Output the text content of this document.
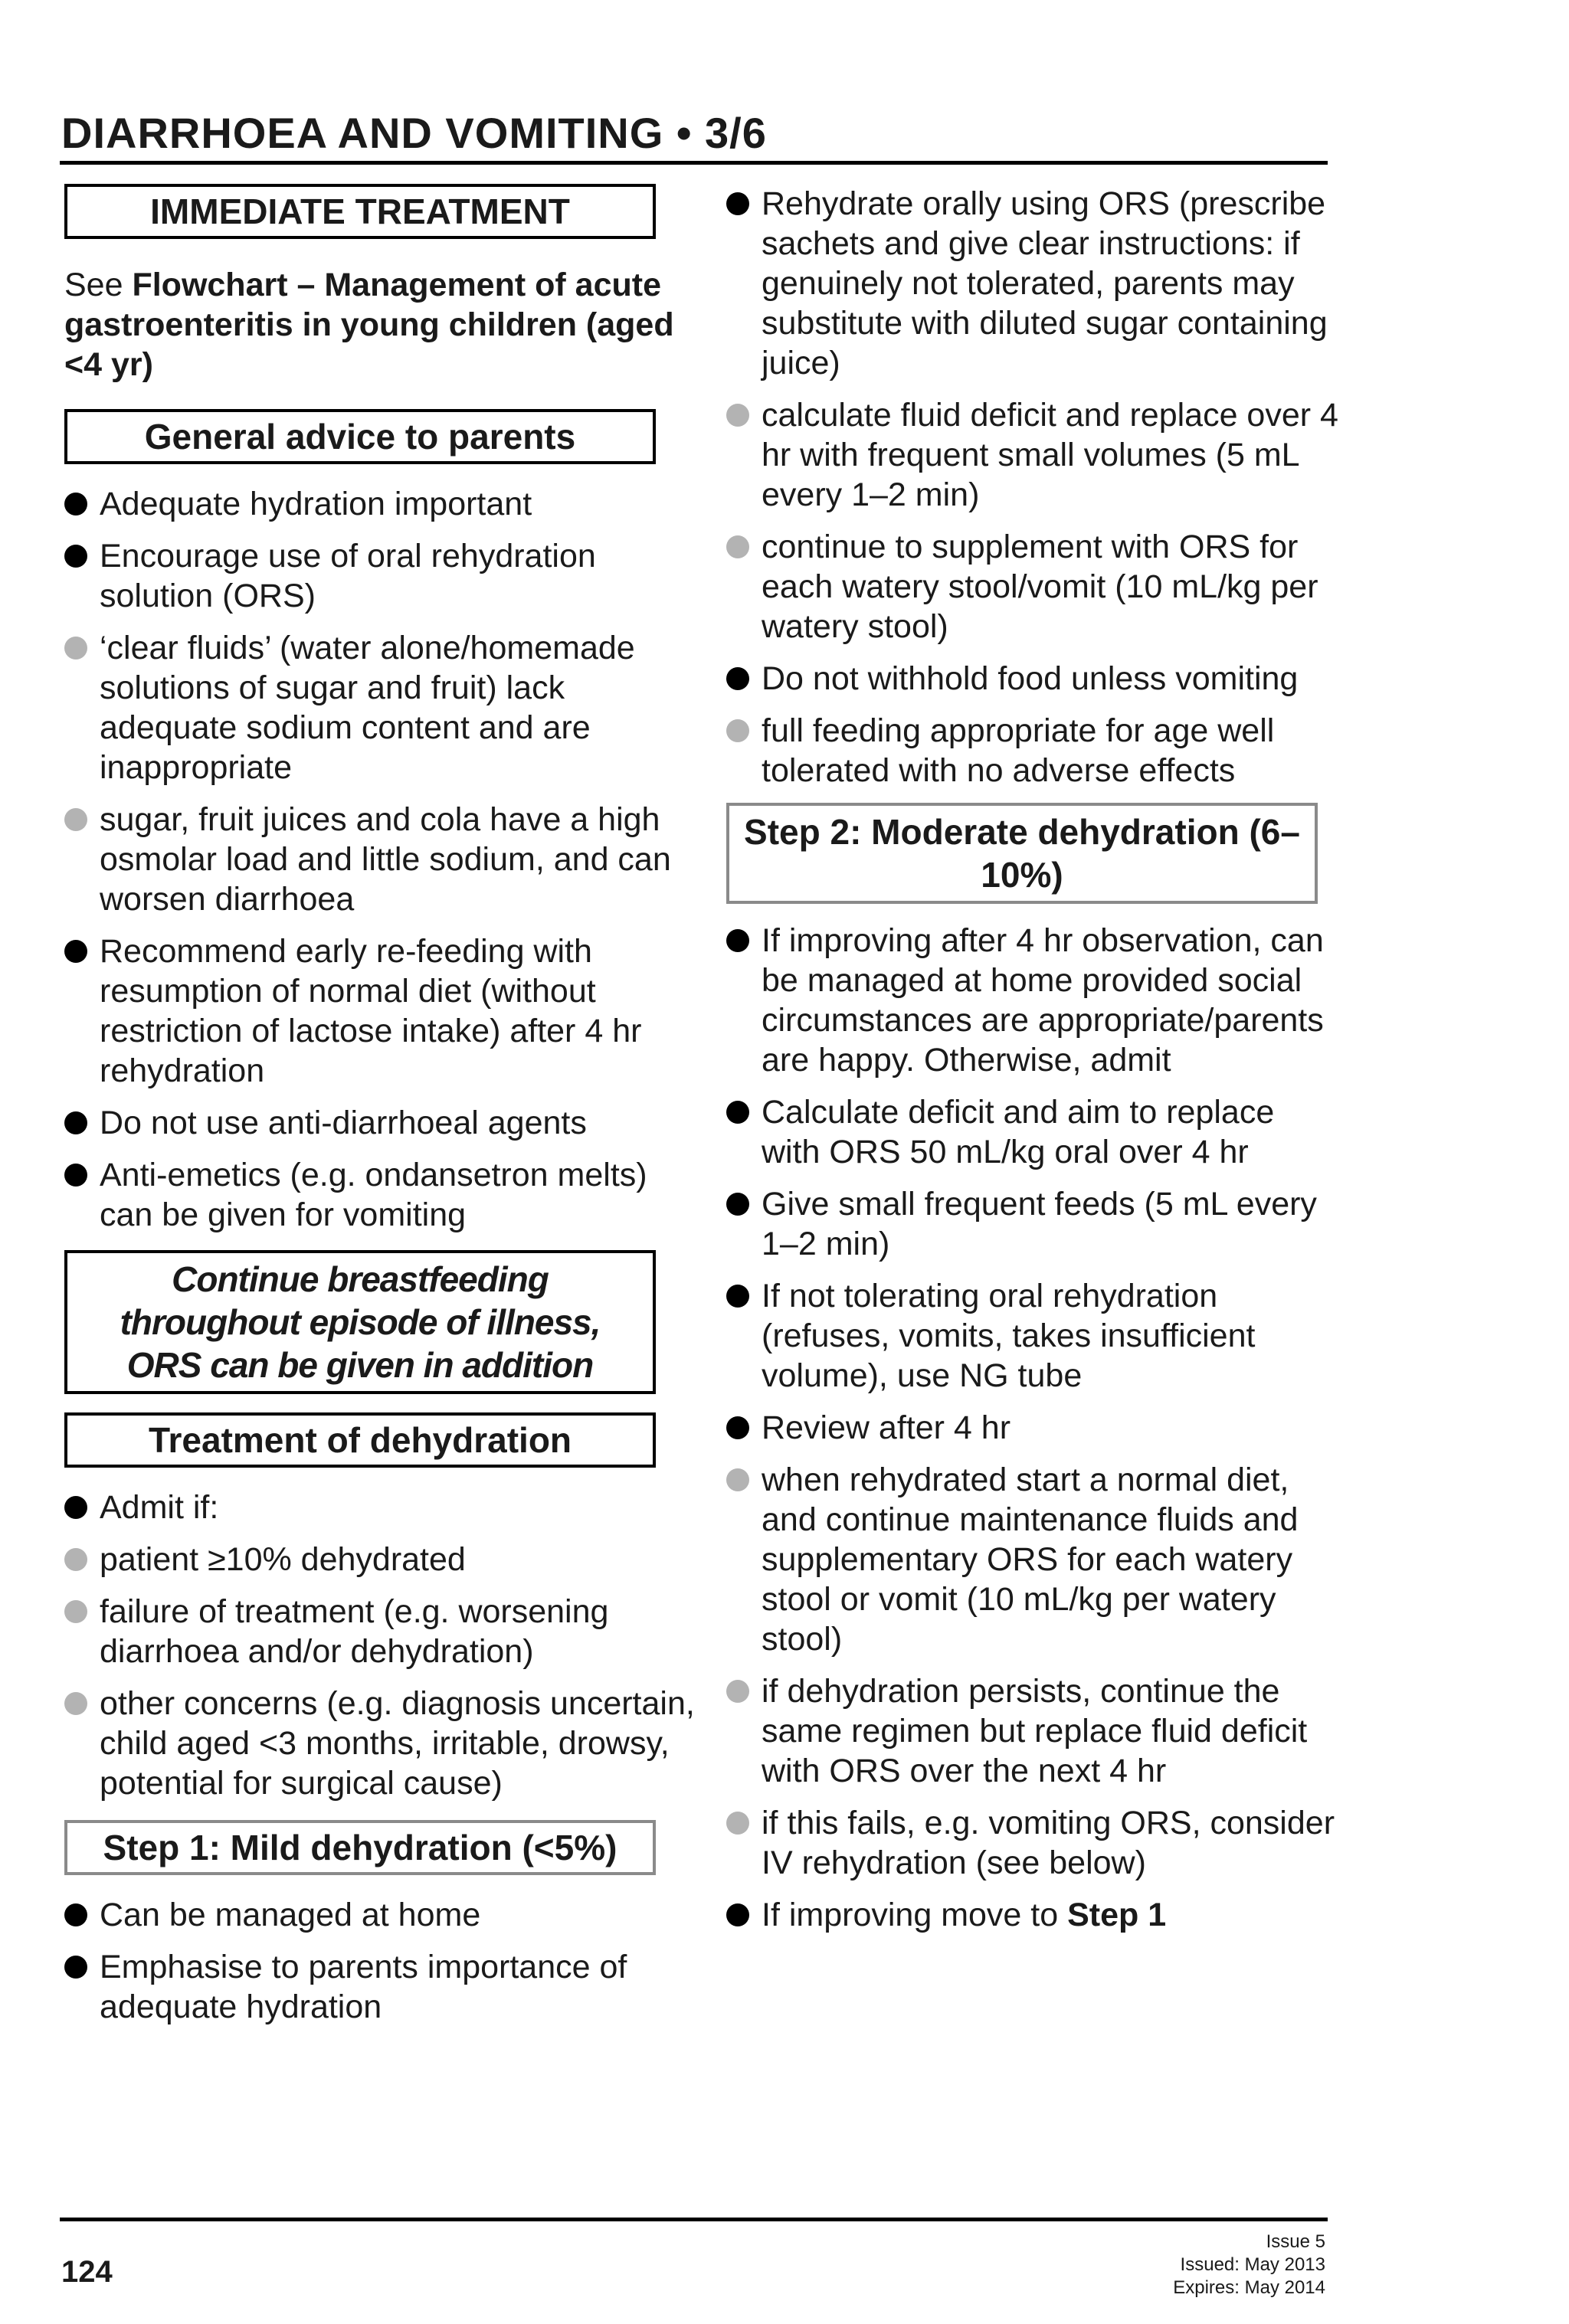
DIARRHOEA AND VOMITING • 3/6
IMMEDIATE TREATMENT
See Flowchart – Management of acute gastroenteritis in young children (aged <4 yr)
General advice to parents
Adequate hydration important
Encourage use of oral rehydration solution (ORS)
‘clear fluids’ (water alone/homemade solutions of sugar and fruit) lack adequate sodium content and are inappropriate
sugar, fruit juices and cola have a high osmolar load and little sodium, and can worsen diarrhoea
Recommend early re-feeding with resumption of normal diet (without restriction of lactose intake) after 4 hr rehydration
Do not use anti-diarrhoeal agents
Anti-emetics (e.g. ondansetron melts) can be given for vomiting
Continue breastfeeding throughout episode of illness, ORS can be given in addition
Treatment of dehydration
Admit if:
patient ≥10% dehydrated
failure of treatment (e.g. worsening diarrhoea and/or dehydration)
other concerns (e.g. diagnosis uncertain, child aged <3 months, irritable, drowsy, potential for surgical cause)
Step 1: Mild dehydration (<5%)
Can be managed at home
Emphasise to parents importance of adequate hydration
Rehydrate orally using ORS (prescribe sachets and give clear instructions: if genuinely not tolerated, parents may substitute with diluted sugar containing juice)
calculate fluid deficit and replace over 4 hr with frequent small volumes (5 mL every 1–2 min)
continue to supplement with ORS for each watery stool/vomit (10 mL/kg per watery stool)
Do not withhold food unless vomiting
full feeding appropriate for age well tolerated with no adverse effects
Step 2: Moderate dehydration (6–10%)
If improving after 4 hr observation, can be managed at home provided social circumstances are appropriate/parents are happy. Otherwise, admit
Calculate deficit and aim to replace with ORS 50 mL/kg oral over 4 hr
Give small frequent feeds (5 mL every 1–2 min)
If not tolerating oral rehydration (refuses, vomits, takes insufficient volume), use NG tube
Review after 4 hr
when rehydrated start a normal diet, and continue maintenance fluids and supplementary ORS for each watery stool or vomit (10 mL/kg per watery stool)
if dehydration persists, continue the same regimen but replace fluid deficit with ORS over the next 4 hr
if this fails, e.g. vomiting ORS, consider IV rehydration (see below)
If improving move to Step 1
124
Issue 5
Issued: May 2013
Expires: May 2014
